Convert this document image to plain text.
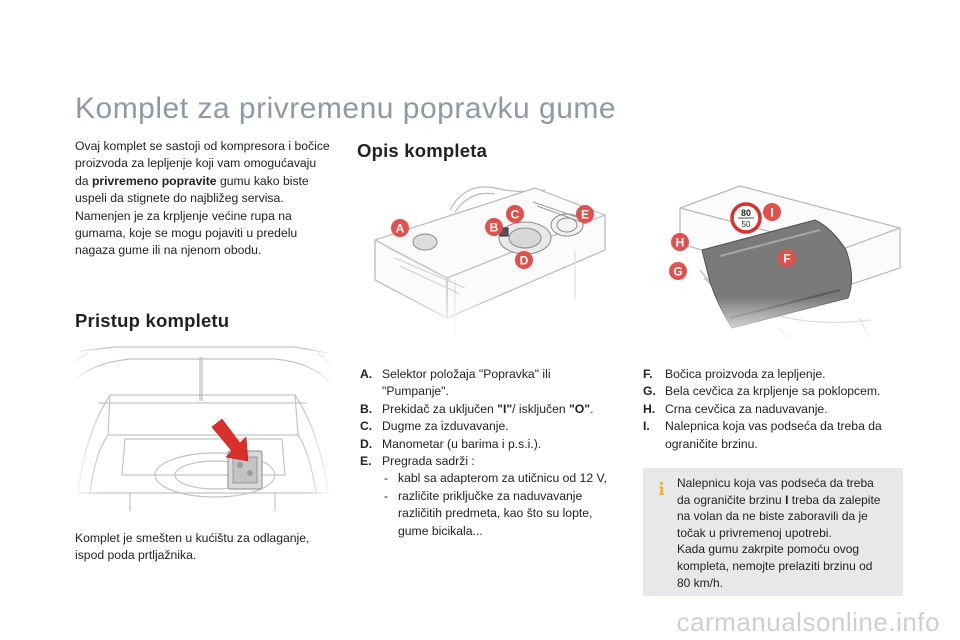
Komplet za privremenu popravku gume
Ovaj komplet se sastoji od kompresora i bočice
proizvoda za lepljenje koji vam omogućavaju
da privremeno popravite gumu kako biste
uspeli da stignete do najbližeg servisa.
Namenjen je za krpljenje većine rupa na
gumama, koje se mogu pojaviti u predelu
nagaza gume ili na njenom obodu.
Pristup kompletu
Komplet je smešten u kućištu za odlaganje,
ispod poda prtljažnika.
Opis kompleta
A. Selektor položaja "Popravka" ili
"Pumpanje".
B. Prekidač za uključen "I"/ isključen "O".
C. Dugme za izduvavanje.
D. Manometar (u barima i p.s.i.).
E. Pregrada sadrži :
- kabl sa adapterom za utičnicu od 12 V,
- različite priključke za naduvavanje
različitih predmeta, kao što su lopte,
gume bicikala...
F. Bočica proizvoda za lepljenje.
G. Bela cevčica za krpljenje sa poklopcem.
H. Crna cevčica za naduvavanje.
I. Nalepnica koja vas podseća da treba da
ograničite brzinu.
Nalepnicu koja vas podseća da treba
da ograničite brzinu I treba da zalepite
na volan da ne biste zaboravili da je
točak u privremenoj upotrebi.
Kada gumu zakrpite pomoću ovog
kompleta, nemojte prelaziti brzinu od
80 km/h.
carmanualsonline.info
